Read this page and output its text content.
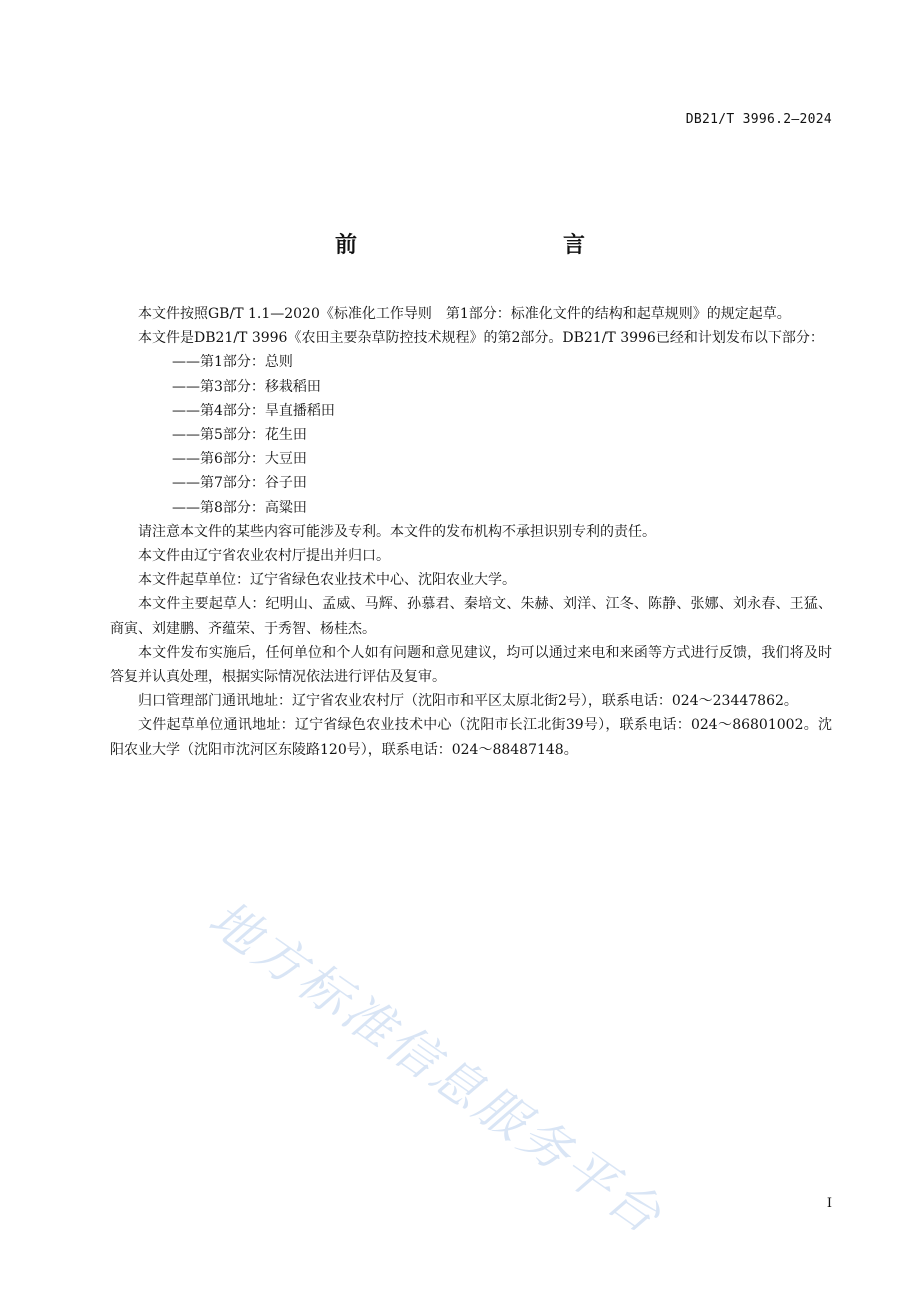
DB21/T 3996.2—2024
前　　言

本文件按照GB/T 1.1—2020《标准化工作导则　第1部分：标准化文件的结构和起草规则》的规定起草。

本文件是DB21/T 3996《农田主要杂草防控技术规程》的第2部分。DB21/T 3996已经和计划发布以下部分：

——第1部分：总则

——第3部分：移栽稻田

——第4部分：旱直播稻田

——第5部分：花生田

——第6部分：大豆田

——第7部分：谷子田

——第8部分：高粱田

请注意本文件的某些内容可能涉及专利。本文件的发布机构不承担识别专利的责任。

本文件由辽宁省农业农村厅提出并归口。

本文件起草单位：辽宁省绿色农业技术中心、沈阳农业大学。

本文件主要起草人：纪明山、孟威、马辉、孙慕君、秦培文、朱赫、刘洋、江冬、陈静、张娜、刘永春、王猛、商寅、刘建鹏、齐蕴荣、于秀智、杨桂杰。

本文件发布实施后，任何单位和个人如有问题和意见建议，均可以通过来电和来函等方式进行反馈，我们将及时答复并认真处理，根据实际情况依法进行评估及复审。

归口管理部门通讯地址：辽宁省农业农村厅（沈阳市和平区太原北街2号），联系电话：024～23447862。

文件起草单位通讯地址：辽宁省绿色农业技术中心（沈阳市长江北街39号），联系电话：024～86801002。沈阳农业大学（沈阳市沈河区东陵路120号），联系电话：024～88487148。

地方标准信息服务平台	I
